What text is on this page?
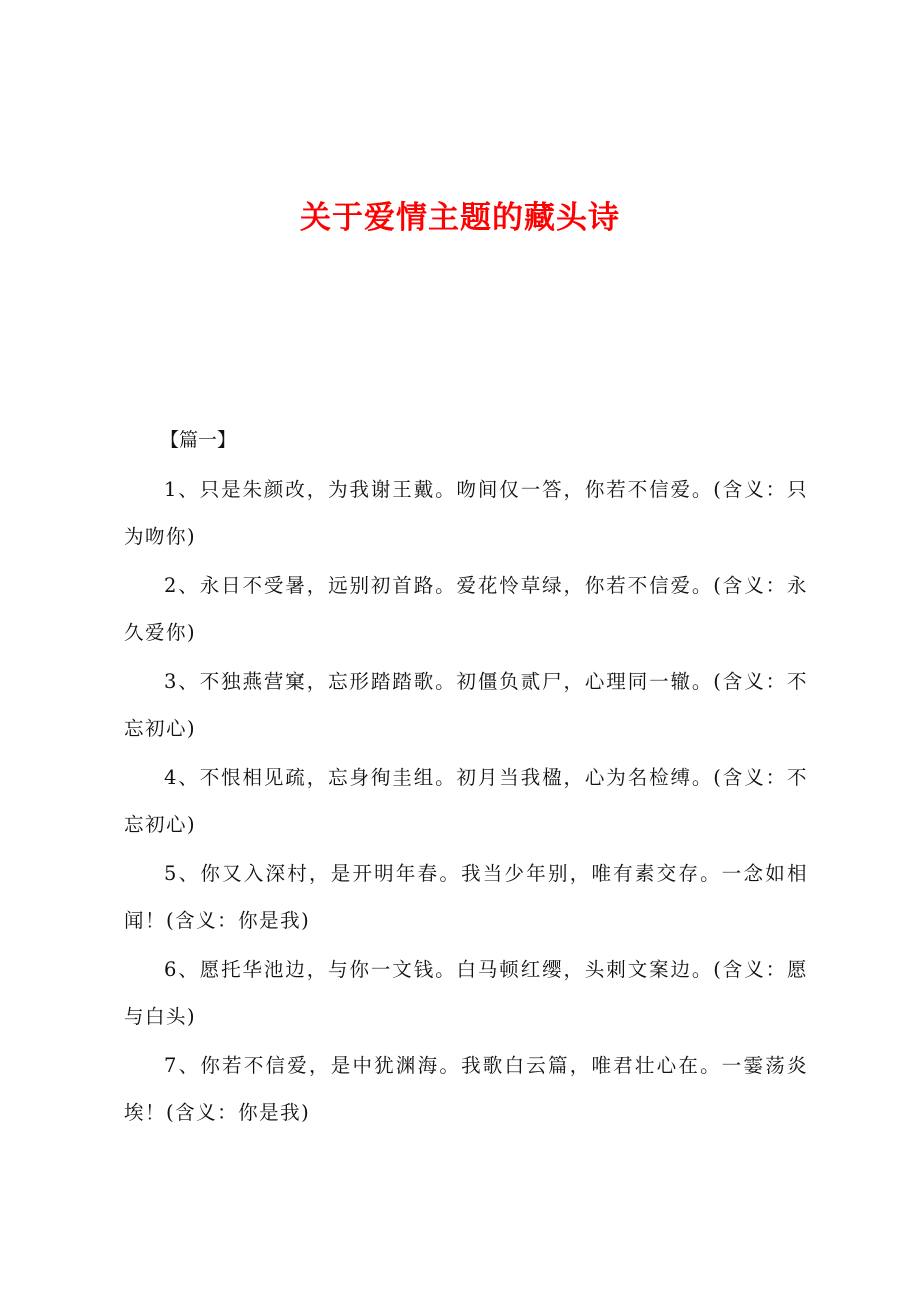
关于爱情主题的藏头诗
【篇一】

1、只是朱颜改，为我谢王戴。吻间仅一答，你若不信爱。(含义：只为吻你)

2、永日不受暑，远别初首路。爱花怜草绿，你若不信爱。(含义：永久爱你)

3、不独燕营窠，忘形踏踏歌。初僵负贰尸，心理同一辙。(含义：不忘初心)

4、不恨相见疏，忘身徇圭组。初月当我楹，心为名检缚。(含义：不忘初心)

5、你又入深村，是开明年春。我当少年别，唯有素交存。一念如相闻！(含义：你是我)

6、愿托华池边，与你一文钱。白马顿红缨，头刺文案边。(含义：愿与白头)

7、你若不信爱，是中犹渊海。我歌白云篇，唯君壮心在。一霎荡炎埃！(含义：你是我)
